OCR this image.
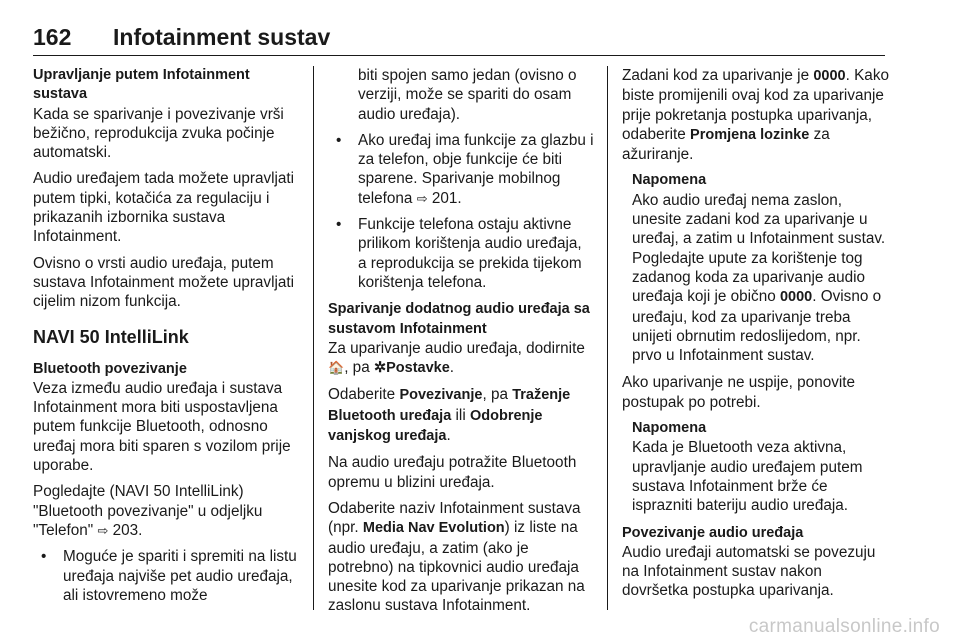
162 Infotainment sustav
Upravljanje putem Infotainment sustava

Kada se sparivanje i povezivanje vrši bežično, reprodukcija zvuka počinje automatski.

Audio uređajem tada možete upravljati putem tipki, kotačića za regulaciju i prikazanih izbornika sustava Infotainment.

Ovisno o vrsti audio uređaja, putem sustava Infotainment možete upravljati cijelim nizom funkcija.

NAVI 50 IntelliLink
Bluetooth povezivanje

Veza između audio uređaja i sustava Infotainment mora biti uspostavljena putem funkcije Bluetooth, odnosno uređaj mora biti sparen s vozilom prije uporabe.

Pogledajte (NAVI 50 IntelliLink) "Bluetooth povezivanje" u odjeljku "Telefon" ⇨ 203.

• Moguće je spariti i spremiti na listu uređaja najviše pet audio uređaja, ali istovremeno može
biti spojen samo jedan (ovisno o verziji, može se spariti do osam audio uređaja).
• Ako uređaj ima funkcije za glazbu i za telefon, obje funkcije će biti sparene. Sparivanje mobilnog telefona ⇨ 201.
• Funkcije telefona ostaju aktivne prilikom korištenja audio uređaja, a reprodukcija se prekida tijekom korištenja telefona.
Sparivanje dodatnog audio uređaja sa sustavom Infotainment

Za uparivanje audio uređaja, dodirnite 🏠, pa ✲Postavke.

Odaberite Povezivanje, pa Traženje Bluetooth uređaja ili Odobrenje vanjskog uređaja.

Na audio uređaju potražite Bluetooth opremu u blizini uređaja.

Odaberite naziv Infotainment sustava (npr. Media Nav Evolution) iz liste na audio uređaju, a zatim (ako je potrebno) na tipkovnici audio uređaja unesite kod za uparivanje prikazan na zaslonu sustava Infotainment.

Zadani kod za uparivanje je 0000. Kako biste promijenili ovaj kod za uparivanje prije pokretanja postupka uparivanja, odaberite Promjena lozinke za ažuriranje.

Napomena
Ako audio uređaj nema zaslon, unesite zadani kod za uparivanje u uređaj, a zatim u Infotainment sustav. Pogledajte upute za korištenje tog zadanog koda za uparivanje audio uređaja koji je obično 0000. Ovisno o uređaju, kod za uparivanje treba unijeti obrnutim redoslijedom, npr. prvo u Infotainment sustav.

Ako uparivanje ne uspije, ponovite postupak po potrebi.

Napomena
Kada je Bluetooth veza aktivna, upravljanje audio uređajem putem sustava Infotainment brže će isprazniti bateriju audio uređaja.
Povezivanje audio uređaja

Audio uređaji automatski se povezuju na Infotainment sustav nakon dovršetka postupka uparivanja.

carmanualsonline.info
